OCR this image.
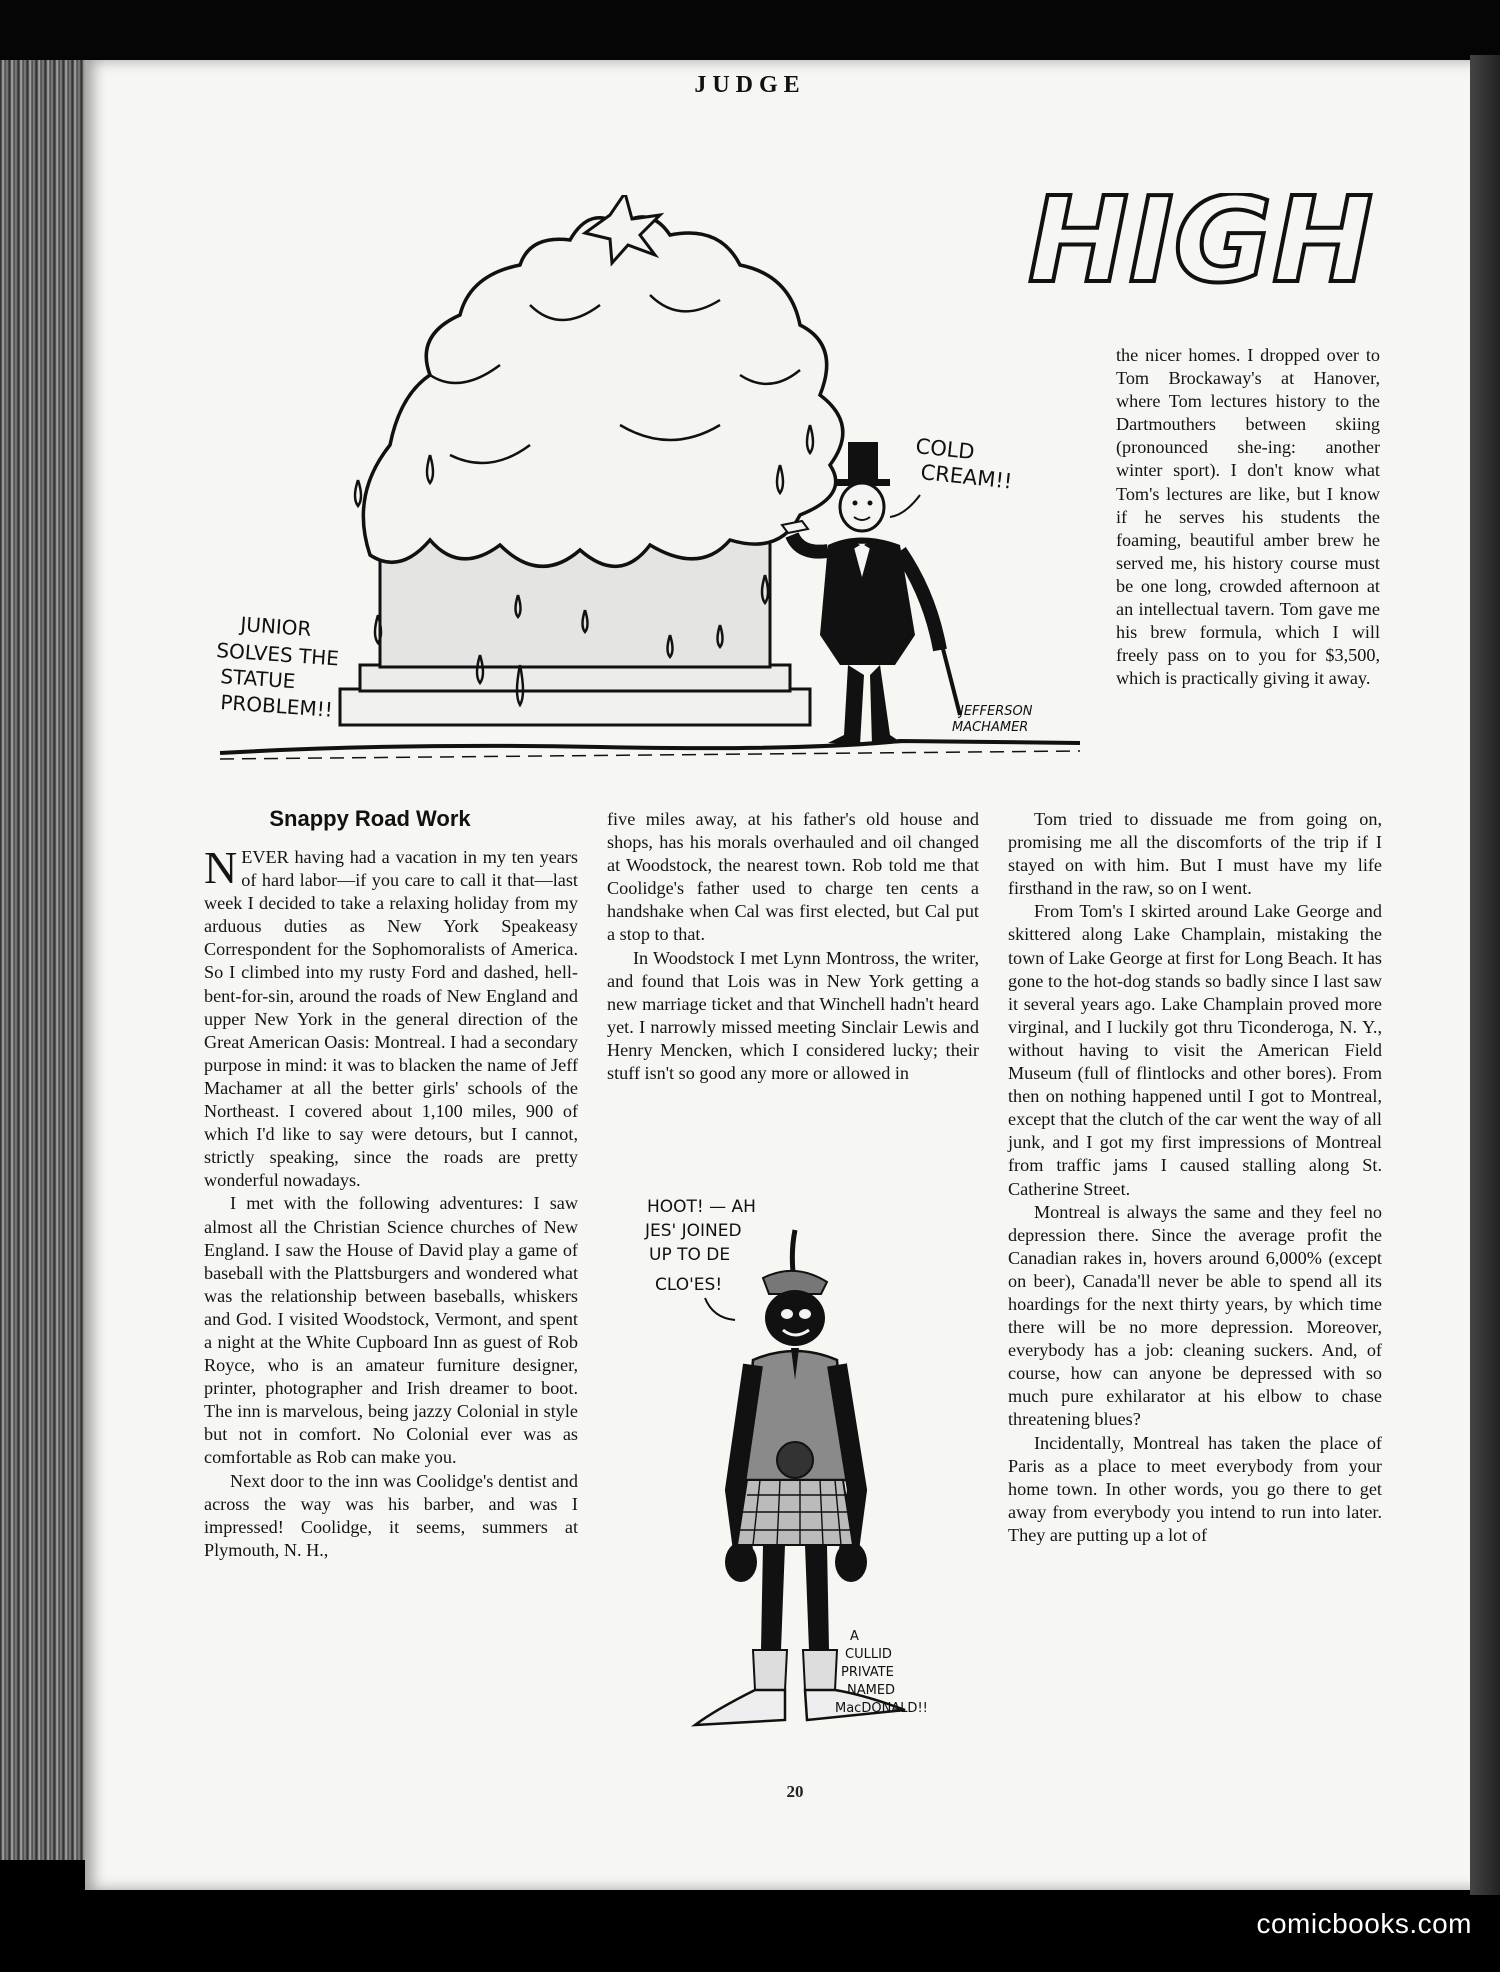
JUDGE
HIGH
JUNIOR
SOLVES THE
STATUE
PROBLEM!!
COLD
CREAM!!
JEFFERSON
MACHAMER
HOOT! — AH
JES' JOINED
UP TO DE
CLO'ES!
A
CULLID
PRIVATE
NAMED
MacDONALD!!
Snappy Road Work

NEVER having had a vacation in my ten years of hard labor—if you care to call it that—last week I decided to take a relaxing holiday from my arduous duties as New York Speakeasy Correspondent for the Sophomoralists of America. So I climbed into my rusty Ford and dashed, hell-bent-for-sin, around the roads of New England and upper New York in the general direction of the Great American Oasis: Montreal. I had a secondary purpose in mind: it was to blacken the name of Jeff Machamer at all the better girls' schools of the Northeast. I covered about 1,100 miles, 900 of which I'd like to say were detours, but I cannot, strictly speaking, since the roads are pretty wonderful nowadays.

I met with the following adventures: I saw almost all the Christian Science churches of New England. I saw the House of David play a game of baseball with the Plattsburgers and wondered what was the relationship between baseballs, whiskers and God. I visited Woodstock, Vermont, and spent a night at the White Cupboard Inn as guest of Rob Royce, who is an amateur furniture designer, printer, photographer and Irish dreamer to boot. The inn is marvelous, being jazzy Colonial in style but not in comfort. No Colonial ever was as comfortable as Rob can make you.

Next door to the inn was Coolidge's dentist and across the way was his barber, and was I impressed! Coolidge, it seems, summers at Plymouth, N. H.,

five miles away, at his father's old house and shops, has his morals overhauled and oil changed at Woodstock, the nearest town. Rob told me that Coolidge's father used to charge ten cents a handshake when Cal was first elected, but Cal put a stop to that.

In Woodstock I met Lynn Montross, the writer, and found that Lois was in New York getting a new marriage ticket and that Winchell hadn't heard yet. I narrowly missed meeting Sinclair Lewis and Henry Mencken, which I considered lucky; their stuff isn't so good any more or allowed in

the nicer homes. I dropped over to Tom Brockaway's at Hanover, where Tom lectures history to the Dartmouthers between skiing (pronounced she-ing: another winter sport). I don't know what Tom's lectures are like, but I know if he serves his students the foaming, beautiful amber brew he served me, his history course must be one long, crowded afternoon at an intellectual tavern. Tom gave me his brew formula, which I will freely pass on to you for $3,500, which is practically giving it away.

Tom tried to dissuade me from going on, promising me all the discomforts of the trip if I stayed on with him. But I must have my life firsthand in the raw, so on I went.

From Tom's I skirted around Lake George and skittered along Lake Champlain, mistaking the town of Lake George at first for Long Beach. It has gone to the hot-dog stands so badly since I last saw it several years ago. Lake Champlain proved more virginal, and I luckily got thru Ticonderoga, N. Y., without having to visit the American Field Museum (full of flintlocks and other bores). From then on nothing happened until I got to Montreal, except that the clutch of the car went the way of all junk, and I got my first impressions of Montreal from traffic jams I caused stalling along St. Catherine Street.

Montreal is always the same and they feel no depression there. Since the average profit the Canadian rakes in, hovers around 6,000% (except on beer), Canada'll never be able to spend all its hoardings for the next thirty years, by which time there will be no more depression. Moreover, everybody has a job: cleaning suckers. And, of course, how can anyone be depressed with so much pure exhilarator at his elbow to chase threatening blues?

Incidentally, Montreal has taken the place of Paris as a place to meet everybody from your home town. In other words, you go there to get away from everybody you intend to run into later. They are putting up a lot of

20
comicbooks.com
